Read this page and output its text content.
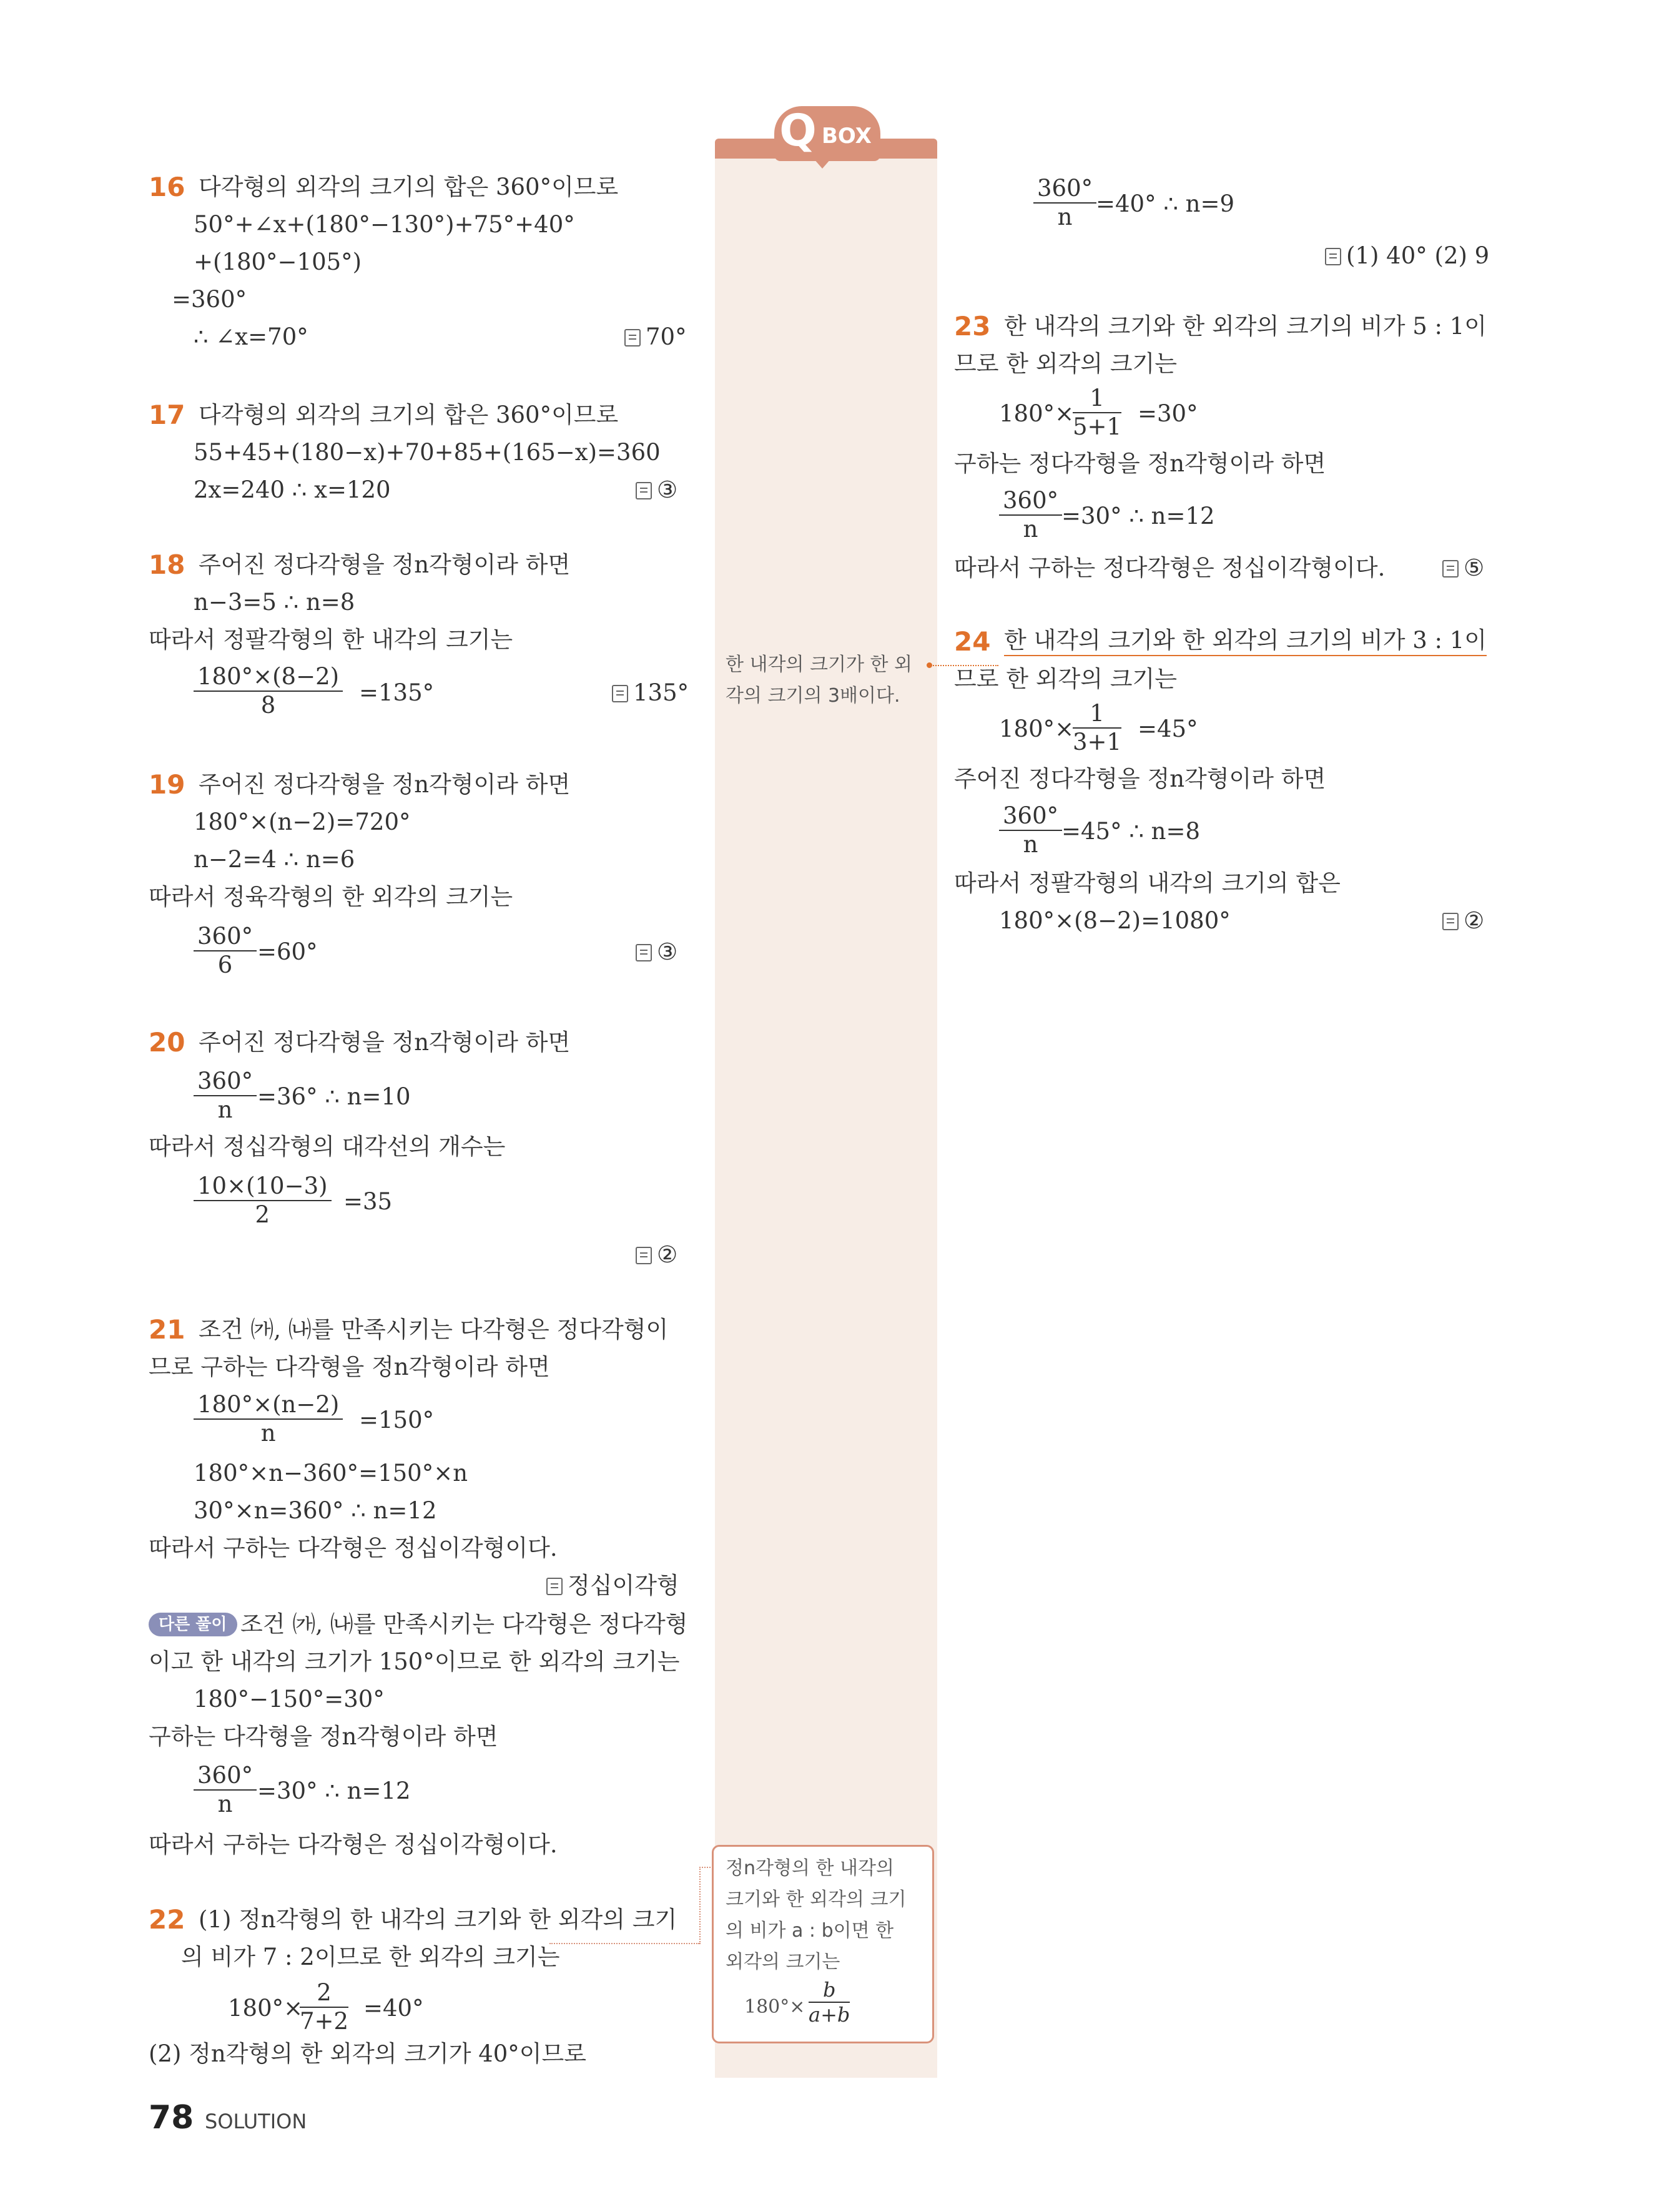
Q BOX
16 다각형의 외각의 크기의 합은 360°이므로
50°+∠x+(180°−130°)+75°+40°
+(180°−105°)
=360°
∴ ∠x=70°	70°
17 다각형의 외각의 크기의 합은 360°이므로
55+45+(180−x)+70+85+(165−x)=360
2x=240 ∴ x=120	③
18 주어진 정다각형을 정n각형이라 하면
n−3=5 ∴ n=8
따라서 정팔각형의 한 내각의 크기는
$\frac{180^\circ\times(8-2)}{8} =135^\circ$	135°
19 주어진 정다각형을 정n각형이라 하면
180°×(n−2)=720°
n−2=4 ∴ n=6
따라서 정육각형의 한 외각의 크기는
$\frac{360^\circ}{6} =60^\circ$	③
20 주어진 정다각형을 정n각형이라 하면
$\frac{360^\circ}{n} =36^\circ$ ∴ n=10
따라서 정십각형의 대각선의 개수는
$\frac{10\times(10-3)}{2} =35$
②
21 조건 ㈎, ㈏를 만족시키는 다각형은 정다각형이
므로 구하는 다각형을 정n각형이라 하면
$\frac{180^\circ\times(n-2)}{n} =150^\circ$
180°×n−360°=150°×n
30°×n=360° ∴ n=12
따라서 구하는 다각형은 정십이각형이다.
정십이각형
다른 풀이 조건 ㈎, ㈏를 만족시키는 다각형은 정다각형
이고 한 내각의 크기가 150°이므로 한 외각의 크기는
180°−150°=30°
구하는 다각형을 정n각형이라 하면
$\frac{360^\circ}{n} =30^\circ$ ∴ n=12
따라서 구하는 다각형은 정십이각형이다.
22 (1) 정n각형의 한 내각의 크기와 한 외각의 크기
의 비가 7 : 2이므로 한 외각의 크기는
180°×
$\frac{2}{7+2} =40^\circ$
(2) 정n각형의 한 외각의 크기가 40°이므로
$\frac{360^\circ}{n}$
=40° ∴ n=9
(1) 40° (2) 9
23 한 내각의 크기와 한 외각의 크기의 비가 5 : 1이
므로 한 외각의 크기는
180°×
$\frac{1}{5+1} =30^\circ$
구하는 정다각형을 정n각형이라 하면
$\frac{360^\circ}{n}$
=30° ∴ n=12
따라서 구하는 정다각형은 정십이각형이다.	⑤
24 한 내각의 크기와 한 외각의 크기의 비가 3 : 1이
므로 한 외각의 크기는
180°×
$\frac{1}{3+1} =45^\circ$
주어진 정다각형을 정n각형이라 하면
$\frac{360^\circ}{n}$
=45° ∴ n=8
따라서 정팔각형의 내각의 크기의 합은
180°×(8−2)=1080°	②
한 내각의 크기가 한 외
각의 크기의 3배이다.
정n각형의 한 내각의
크기와 한 외각의 크기
의 비가 a : b이면 한
외각의 크기는
$180^\circ\times \frac{b}{a+b}$
78 SOLUTION
